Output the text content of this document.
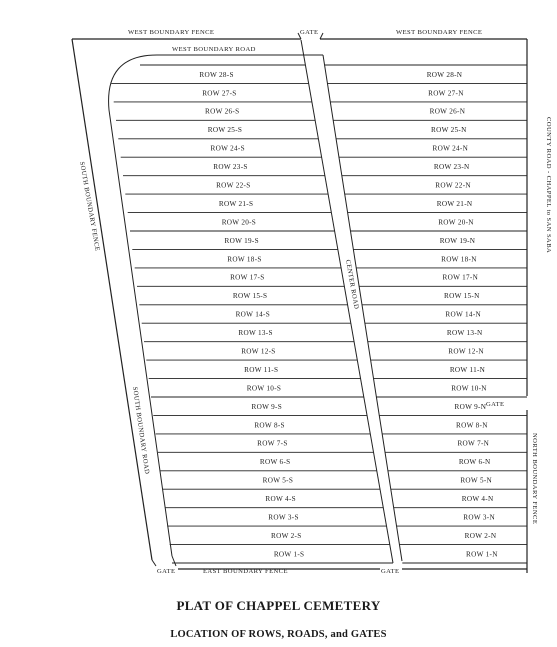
ROW 28-S
ROW 27-S
ROW 26-S
ROW 25-S
ROW 24-S
ROW 23-S
ROW 22-S
ROW 21-S
ROW 20-S
ROW 19-S
ROW 18-S
ROW 17-S
ROW 15-S
ROW 14-S
ROW 13-S
ROW 12-S
ROW 11-S
ROW 10-S
ROW 9-S
ROW 8-S
ROW 7-S
ROW 6-S
ROW 5-S
ROW 4-S
ROW 3-S
ROW 2-S
ROW 1-S
ROW 28-N
ROW 27-N
ROW 26-N
ROW 25-N
ROW 24-N
ROW 23-N
ROW 22-N
ROW 21-N
ROW 20-N
ROW 19-N
ROW 18-N
ROW 17-N
ROW 15-N
ROW 14-N
ROW 13-N
ROW 12-N
ROW 11-N
ROW 10-N
ROW 9-N
ROW 8-N
ROW 7-N
ROW 6-N
ROW 5-N
ROW 4-N
ROW 3-N
ROW 2-N
ROW 1-N
WEST BOUNDARY FENCE	GATE	WEST BOUNDARY FENCE
WEST BOUNDARY ROAD
SOUTH BOUNDARY FENCE
SOUTH BOUNDARY ROAD
CENTER ROAD
COUNTY ROAD - CHAPPEL to SAN SABA
NORTH BOUNDARY FENCE
GATE
GATE	EAST BOUNDARY FENCE	GATE
PLAT OF CHAPPEL CEMETERY
LOCATION OF ROWS, ROADS, and GATES
